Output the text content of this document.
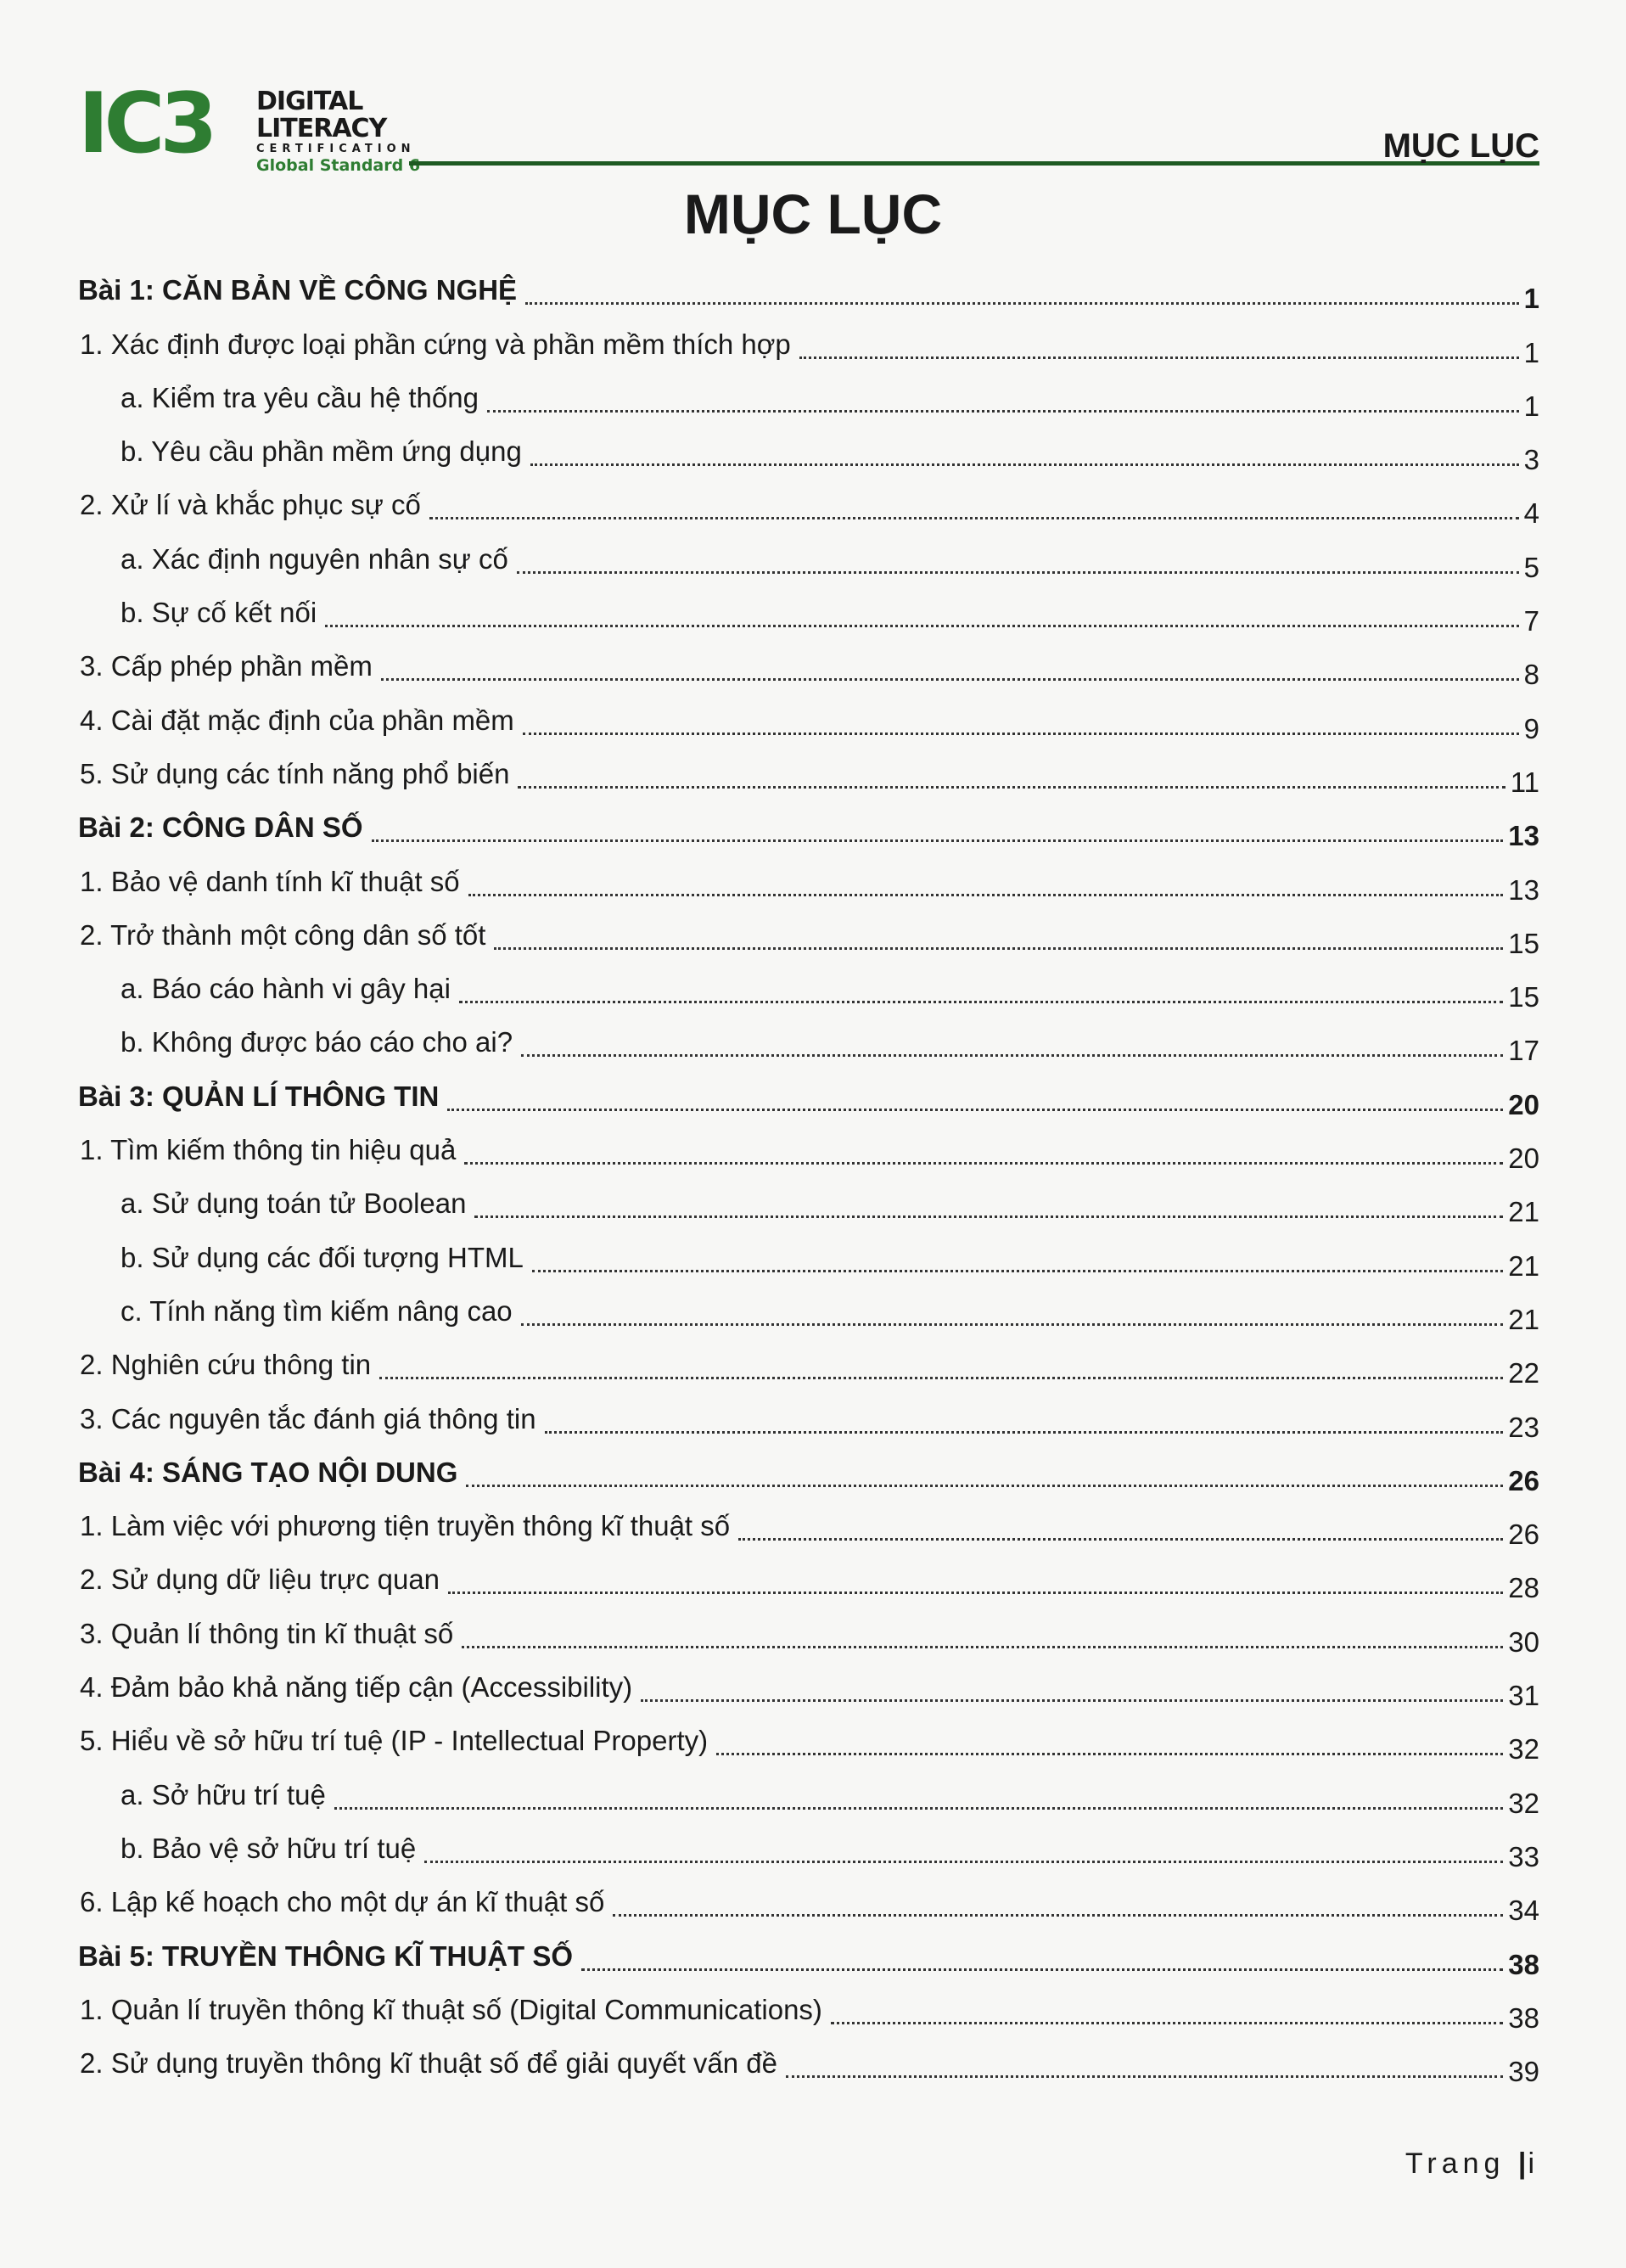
IC3 DIGITAL LITERACY
CERTIFICATION
Global Standard 6
MỤC LỤC
MỤC LỤC
Bài 1: CĂN BẢN VỀ CÔNG NGHỆ	1
1. Xác định được loại phần cứng và phần mềm thích hợp	1
a. Kiểm tra yêu cầu hệ thống	1
b. Yêu cầu phần mềm ứng dụng	3
2. Xử lí và khắc phục sự cố	4
a. Xác định nguyên nhân sự cố	5
b. Sự cố kết nối	7
3. Cấp phép phần mềm	8
4. Cài đặt mặc định của phần mềm	9
5. Sử dụng các tính năng phổ biến	11
Bài 2: CÔNG DÂN SỐ	13
1. Bảo vệ danh tính kĩ thuật số	13
2. Trở thành một công dân số tốt	15
a. Báo cáo hành vi gây hại	15
b. Không được báo cáo cho ai?	17
Bài 3: QUẢN LÍ THÔNG TIN	20
1. Tìm kiếm thông tin hiệu quả	20
a. Sử dụng toán tử Boolean	21
b. Sử dụng các đối tượng HTML	21
c. Tính năng tìm kiếm nâng cao	21
2. Nghiên cứu thông tin	22
3. Các nguyên tắc đánh giá thông tin	23
Bài 4: SÁNG TẠO NỘI DUNG	26
1. Làm việc với phương tiện truyền thông kĩ thuật số	26
2. Sử dụng dữ liệu trực quan	28
3. Quản lí thông tin kĩ thuật số	30
4. Đảm bảo khả năng tiếp cận (Accessibility)	31
5. Hiểu về sở hữu trí tuệ (IP - Intellectual Property)	32
a. Sở hữu trí tuệ	32
b. Bảo vệ sở hữu trí tuệ	33
6. Lập kế hoạch cho một dự án kĩ thuật số	34
Bài 5: TRUYỀN THÔNG KĨ THUẬT SỐ	38
1. Quản lí truyền thông kĩ thuật số (Digital Communications)	38
2. Sử dụng truyền thông kĩ thuật số để giải quyết vấn đề	39
Trang |i
